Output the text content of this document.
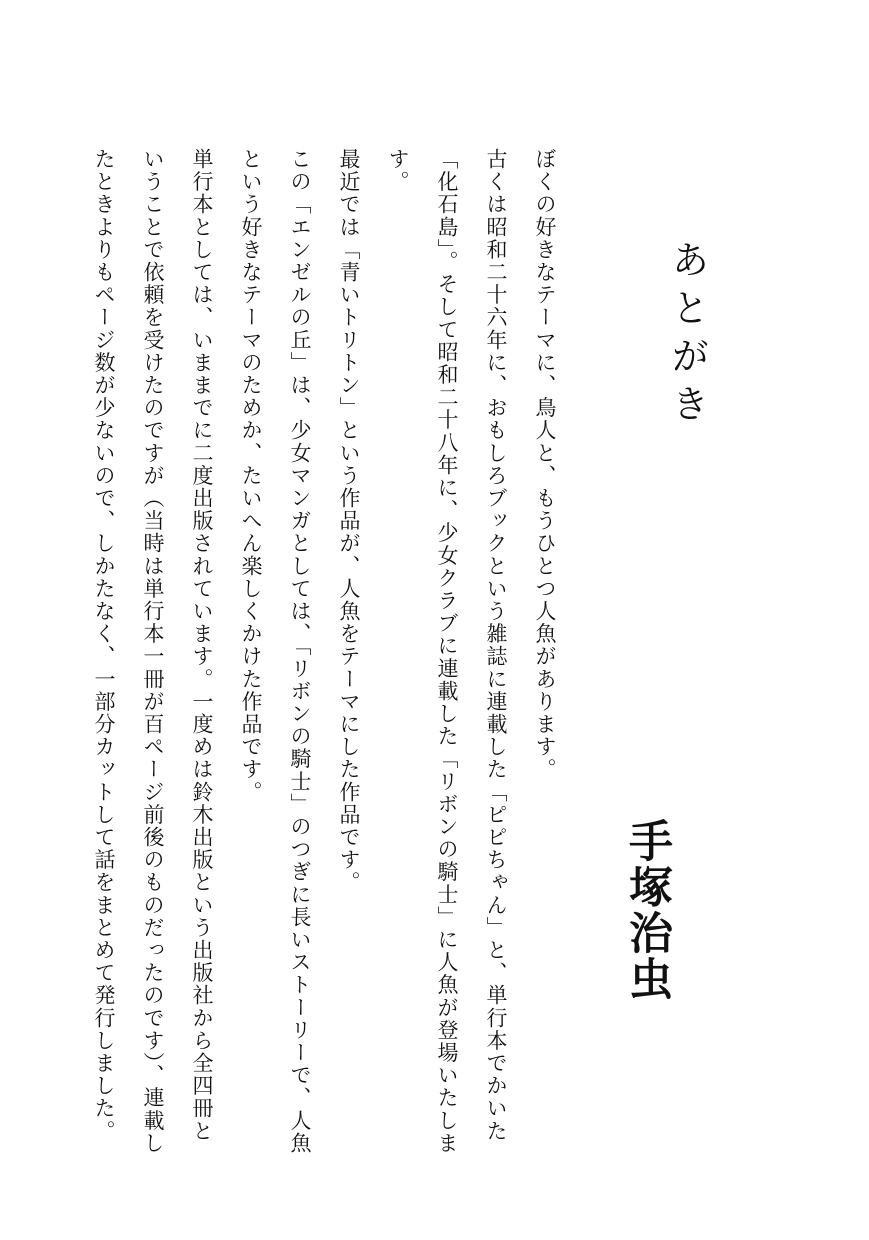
あとがき
手塚治虫

ぼくの好きなテーマに、鳥人と、もうひとつ人魚があります。

古くは昭和二十六年に、おもしろブックという雑誌に連載した「ピピちゃん」と、単行本でかいた「化石島」。そして昭和二十八年に、少女クラブに連載した「リボンの騎士」に人魚が登場いたします。

最近では「青いトリトン」という作品が、人魚をテーマにした作品です。

この「エンゼルの丘」は、少女マンガとしては、「リボンの騎士」のつぎに長いストーリーで、人魚という好きなテーマのためか、たいへん楽しくかけた作品です。

単行本としては、いままでに二度出版されています。一度めは鈴木出版という出版社から全四冊ということで依頼を受けたのですが（当時は単行本一冊が百ページ前後のものだったのです）、連載したときよりもページ数が少ないので、しかたなく、一部分カットして話をまとめて発行しました。
